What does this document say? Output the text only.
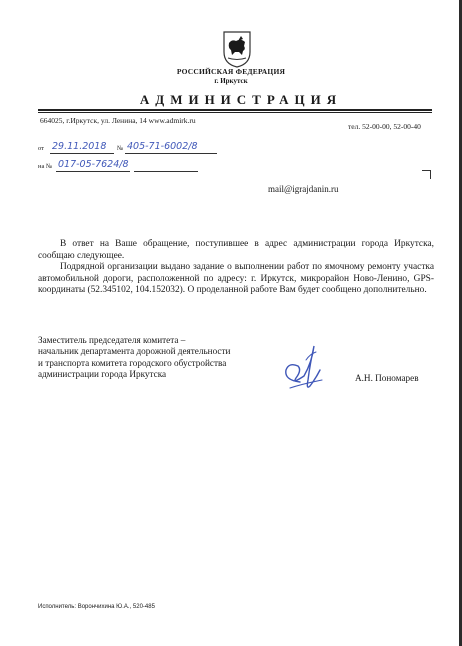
РОССИЙСКАЯ ФЕДЕРАЦИЯ
г. Иркутск
АДМИНИСТРАЦИЯ
664025, г.Иркутск, ул. Ленина, 14 www.admirk.ru
тел. 52-00-00, 52-00-40
от 29.11.2018 № 405-71-6002/8
на № 017-05-7624/8
mail@igrajdanin.ru
В ответ на Ваше обращение, поступившее в адрес администрации города Иркутска, сообщаю следующее.
Подрядной организации выдано задание о выполнении работ по ямочному ремонту участка автомобильной дороги, расположенной по адресу: г. Иркутск, микрорайон Ново-Ленино, GPS-координаты (52.345102, 104.152032). О проделанной работе Вам будет сообщено дополнительно.
Заместитель председателя комитета –
начальник департамента дорожной деятельности
и транспорта комитета городского обустройства
администрации города Иркутска	А.Н. Пономарев
Исполнитель: Ворончихина Ю.А., 520-485
